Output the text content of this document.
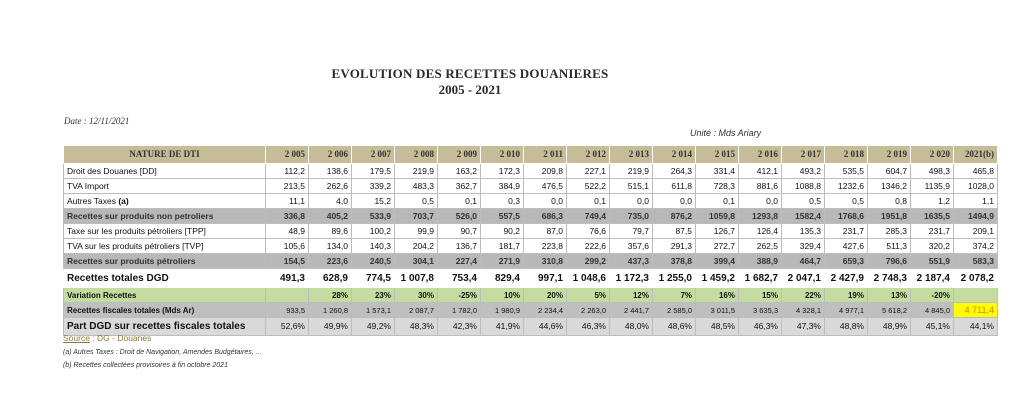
EVOLUTION DES RECETTES DOUANIERES
2005 - 2021
Date : 12/11/2021
Unité : Mds Ariary
NATURE DE DTI	2 005	2 006	2 007	2 008	2 009	2 010	2 011	2 012	2 013	2 014	2 015	2 016	2 017	2 018	2 019	2 020	2021(b)
Droit des Douanes [DD]	112,2	138,6	179,5	219,9	163,2	172,3	209,8	227,1	219,9	264,3	331,4	412,1	493,2	535,5	604,7	498,3	465,8
TVA Import	213,5	262,6	339,2	483,3	362,7	384,9	476,5	522,2	515,1	611,8	728,3	881,6	1088,8	1232,6	1346,2	1135,9	1028,0
Autres Taxes (a)	11,1	4,0	15,2	0,5	0,1	0,3	0,0	0,1	0,0	0,0	0,1	0,0	0,5	0,5	0,8	1,2	1,1
Recettes sur produits non petroliers	336,8	405,2	533,9	703,7	526,0	557,5	686,3	749,4	735,0	876,2	1059,8	1293,8	1582,4	1768,6	1951,8	1635,5	1494,9
Taxe sur les produits pétroliers [TPP]	48,9	89,6	100,2	99,9	90,7	90,2	87,0	76,6	79,7	87,5	126,7	126,4	135,3	231,7	285,3	231,7	209,1
TVA sur les produits pétroliers [TVP]	105,6	134,0	140,3	204,2	136,7	181,7	223,8	222,6	357,6	291,3	272,7	262,5	329,4	427,6	511,3	320,2	374,2
Recettes sur produits pétroliers	154,5	223,6	240,5	304,1	227,4	271,9	310,8	299,2	437,3	378,8	399,4	388,9	464,7	659,3	796,6	551,9	583,3
Recettes totales DGD	491,3	628,9	774,5	1 007,8	753,4	829,4	997,1	1 048,6	1 172,3	1 255,0	1 459,2	1 682,7	2 047,1	2 427,9	2 748,3	2 187,4	2 078,2
Variation Recettes		28%	23%	30%	-25%	10%	20%	5%	12%	7%	16%	15%	22%	19%	13%	-20%	
Recettes fiscales totales (Mds Ar)	933,5	1 260,8	1 573,1	2 087,7	1 782,0	1 980,9	2 234,4	2 263,0	2 441,7	2 585,0	3 011,5	3 635,3	4 328,1	4 977,1	5 618,2	4 845,0	4 711,4
Part DGD sur recettes fiscales totales	52,6%	49,9%	49,2%	48,3%	42,3%	41,9%	44,6%	46,3%	48,0%	48,6%	48,5%	46,3%	47,3%	48,8%	48,9%	45,1%	44,1%
Source : DG - Douanes
(a) Autres Taxes : Droit de Navigation, Amendes Budgétaires, ...
(b) Recettes collectées provisoires à fin octobre 2021
